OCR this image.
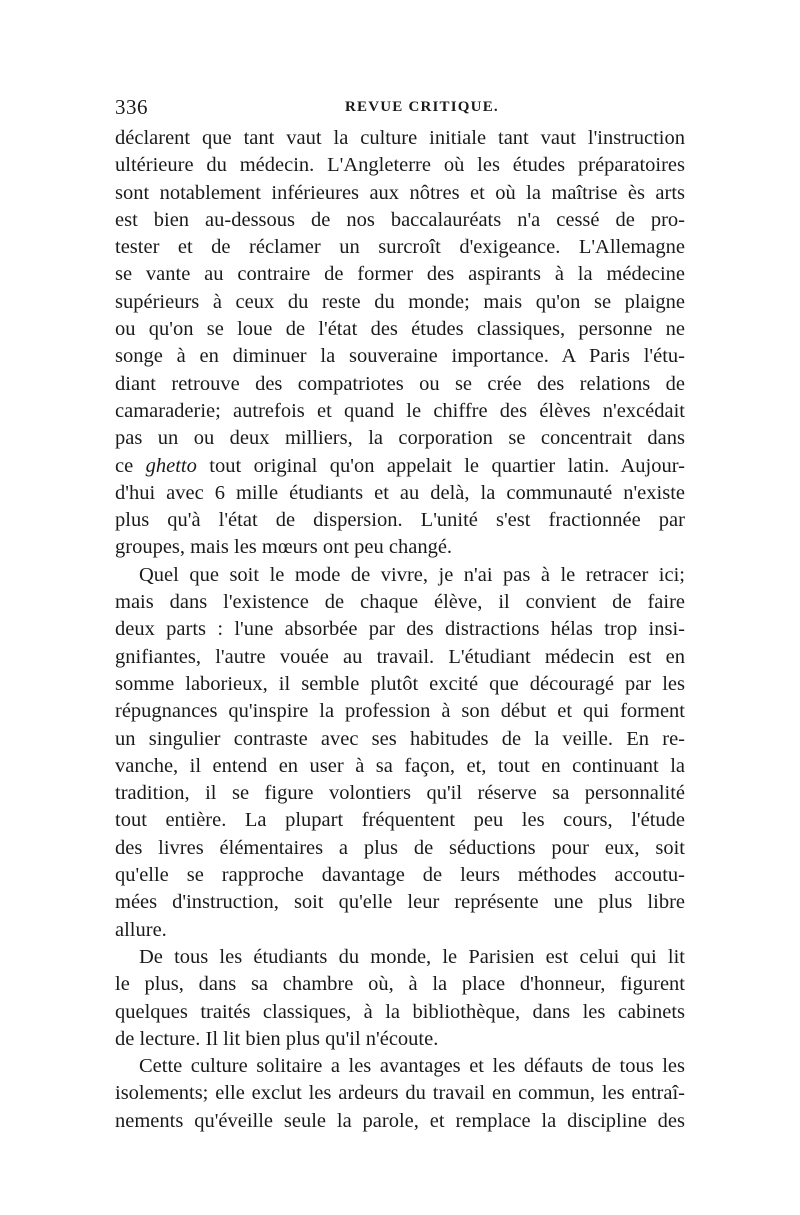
336	REVUE CRITIQUE.
déclarent que tant vaut la culture initiale tant vaut l'instruction
ultérieure du médecin. L'Angleterre où les études préparatoires
sont notablement inférieures aux nôtres et où la maîtrise ès arts
est bien au-dessous de nos baccalauréats n'a cessé de pro-
tester et de réclamer un surcroît d'exigeance. L'Allemagne
se vante au contraire de former des aspirants à la médecine
supérieurs à ceux du reste du monde; mais qu'on se plaigne
ou qu'on se loue de l'état des études classiques, personne ne
songe à en diminuer la souveraine importance. A Paris l'étu-
diant retrouve des compatriotes ou se crée des relations de
camaraderie; autrefois et quand le chiffre des élèves n'excédait
pas un ou deux milliers, la corporation se concentrait dans
ce ghetto tout original qu'on appelait le quartier latin. Aujour-
d'hui avec 6 mille étudiants et au delà, la communauté n'existe
plus qu'à l'état de dispersion. L'unité s'est fractionnée par
groupes, mais les mœurs ont peu changé.
Quel que soit le mode de vivre, je n'ai pas à le retracer ici;
mais dans l'existence de chaque élève, il convient de faire
deux parts : l'une absorbée par des distractions hélas trop insi-
gnifiantes, l'autre vouée au travail. L'étudiant médecin est en
somme laborieux, il semble plutôt excité que découragé par les
répugnances qu'inspire la profession à son début et qui forment
un singulier contraste avec ses habitudes de la veille. En re-
vanche, il entend en user à sa façon, et, tout en continuant la
tradition, il se figure volontiers qu'il réserve sa personnalité
tout entière. La plupart fréquentent peu les cours, l'étude
des livres élémentaires a plus de séductions pour eux, soit
qu'elle se rapproche davantage de leurs méthodes accoutu-
mées d'instruction, soit qu'elle leur représente une plus libre
allure.
De tous les étudiants du monde, le Parisien est celui qui lit
le plus, dans sa chambre où, à la place d'honneur, figurent
quelques traités classiques, à la bibliothèque, dans les cabinets
de lecture. Il lit bien plus qu'il n'écoute.
Cette culture solitaire a les avantages et les défauts de tous les
isolements; elle exclut les ardeurs du travail en commun, les entraî-
nements qu'éveille seule la parole, et remplace la discipline des
